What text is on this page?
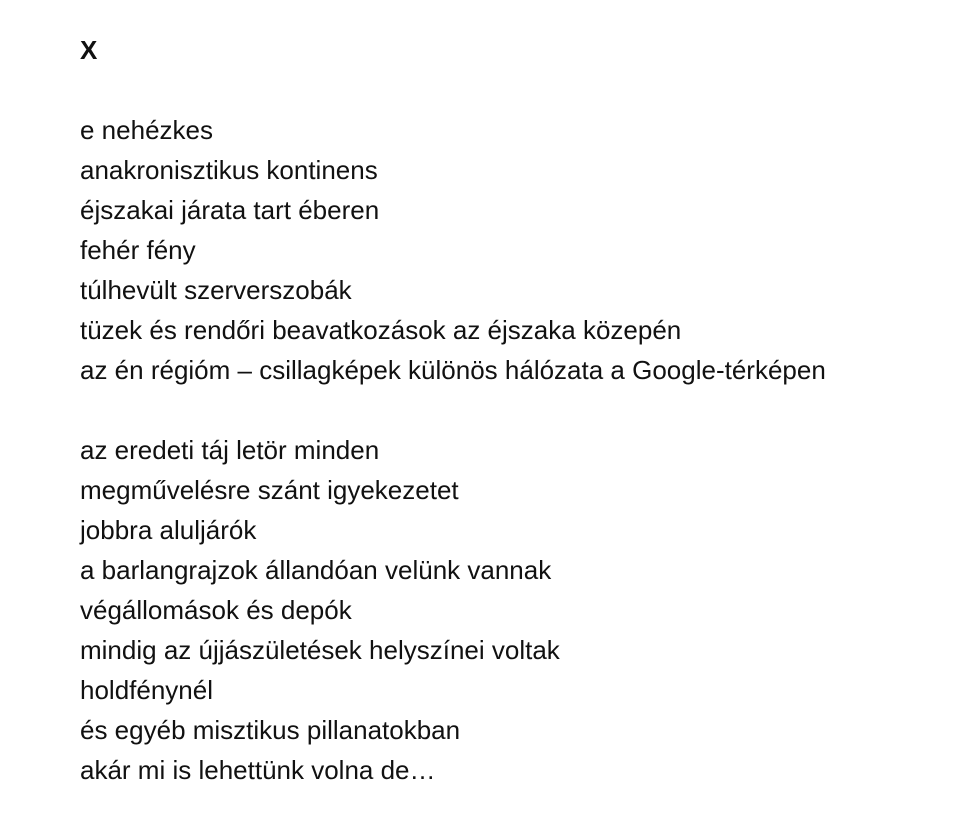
X
e nehézkes
anakronisztikus kontinens
éjszakai járata tart éberen
fehér fény
túlhevült szerverszobák
tüzek és rendőri beavatkozások az éjszaka közepén
az én régióm – csillagképek különös hálózata a Google-térképen
az eredeti táj letör minden
megművelésre szánt igyekezetet
jobbra aluljárók
a barlangrajzok állandóan velünk vannak
végállomások és depók
mindig az újjászületések helyszínei voltak
holdfénynél
és egyéb misztikus pillanatokban
akár mi is lehettünk volna de…
